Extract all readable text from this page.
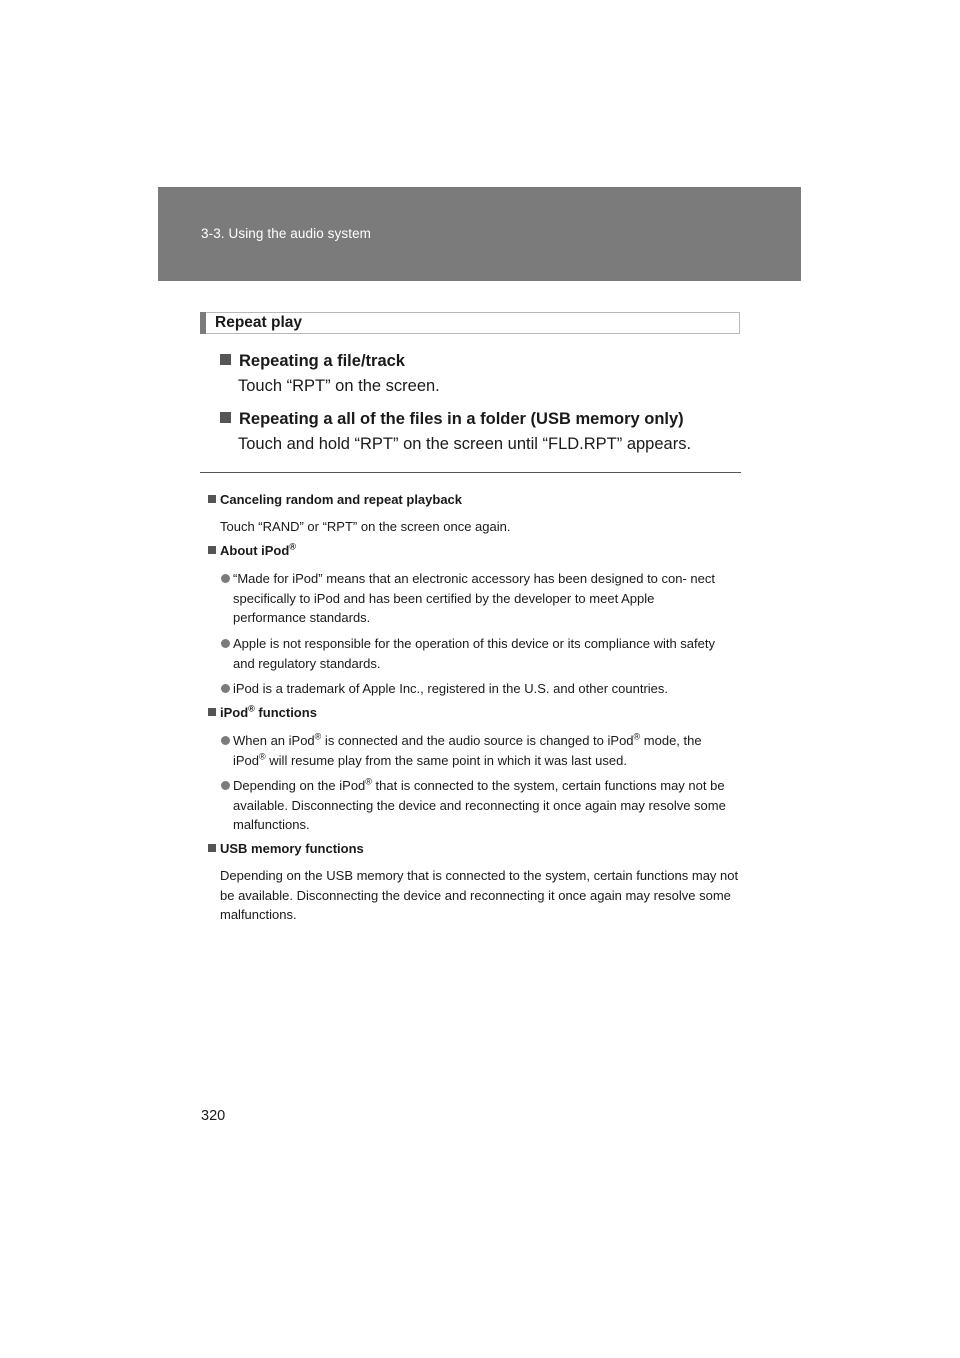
3-3. Using the audio system
Repeat play
Repeating a file/track
Touch “RPT” on the screen.
Repeating a all of the files in a folder (USB memory only)
Touch and hold “RPT” on the screen until “FLD.RPT” appears.
Canceling random and repeat playback
Touch “RAND” or “RPT” on the screen once again.
About iPod®
“Made for iPod” means that an electronic accessory has been designed to con- nect specifically to iPod and has been certified by the developer to meet Apple performance standards.
Apple is not responsible for the operation of this device or its compliance with safety and regulatory standards.
iPod is a trademark of Apple Inc., registered in the U.S. and other countries.
iPod® functions
When an iPod® is connected and the audio source is changed to iPod® mode, the iPod® will resume play from the same point in which it was last used.
Depending on the iPod® that is connected to the system, certain functions may not be available. Disconnecting the device and reconnecting it once again may resolve some malfunctions.
USB memory functions
Depending on the USB memory that is connected to the system, certain functions may not be available. Disconnecting the device and reconnecting it once again may resolve some malfunctions.
320
